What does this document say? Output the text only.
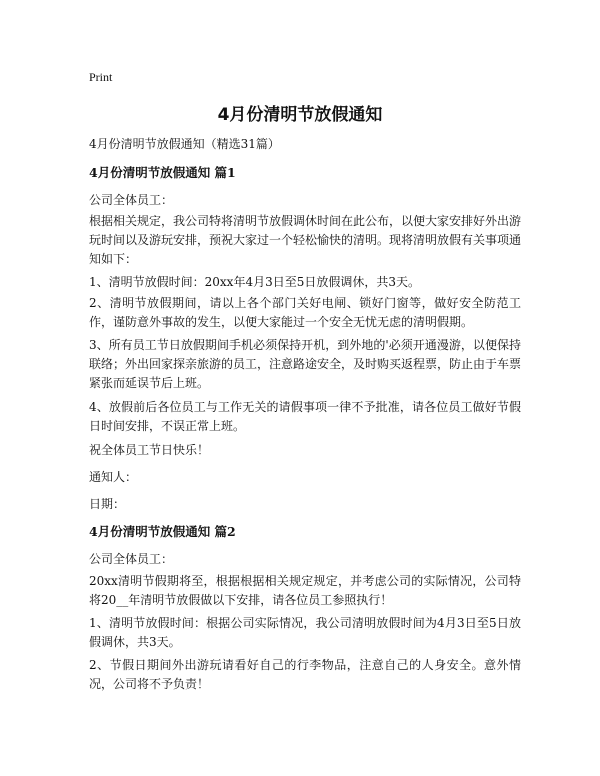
Print
4月份清明节放假通知
4月份清明节放假通知（精选31篇）
4月份清明节放假通知 篇1
公司全体员工：

根据相关规定，我公司特将清明节放假调休时间在此公布，以便大家安排好外出游玩时间以及游玩安排，预祝大家过一个轻松愉快的清明。现将清明放假有关事项通知如下：

1、清明节放假时间：20xx年4月3日至5日放假调休，共3天。

2、清明节放假期间，请以上各个部门关好电闸、锁好门窗等，做好安全防范工作，谨防意外事故的发生，以便大家能过一个安全无忧无虑的清明假期。

3、所有员工节日放假期间手机必须保持开机，到外地的'必须开通漫游，以便保持联络；外出回家探亲旅游的员工，注意路途安全，及时购买返程票，防止由于车票紧张而延误节后上班。

4、放假前后各位员工与工作无关的请假事项一律不予批准，请各位员工做好节假日时间安排，不误正常上班。

祝全体员工节日快乐！
通知人：
日期：
4月份清明节放假通知 篇2
公司全体员工：

20xx清明节假期将至，根据根据相关规定规定，并考虑公司的实际情况，公司特将20__年清明节放假做以下安排，请各位员工参照执行！

1、清明节放假时间：根据公司实际情况，我公司清明放假时间为4月3日至5日放假调休，共3天。

2、节假日期间外出游玩请看好自己的行李物品，注意自己的人身安全。意外情况，公司将不予负责！
